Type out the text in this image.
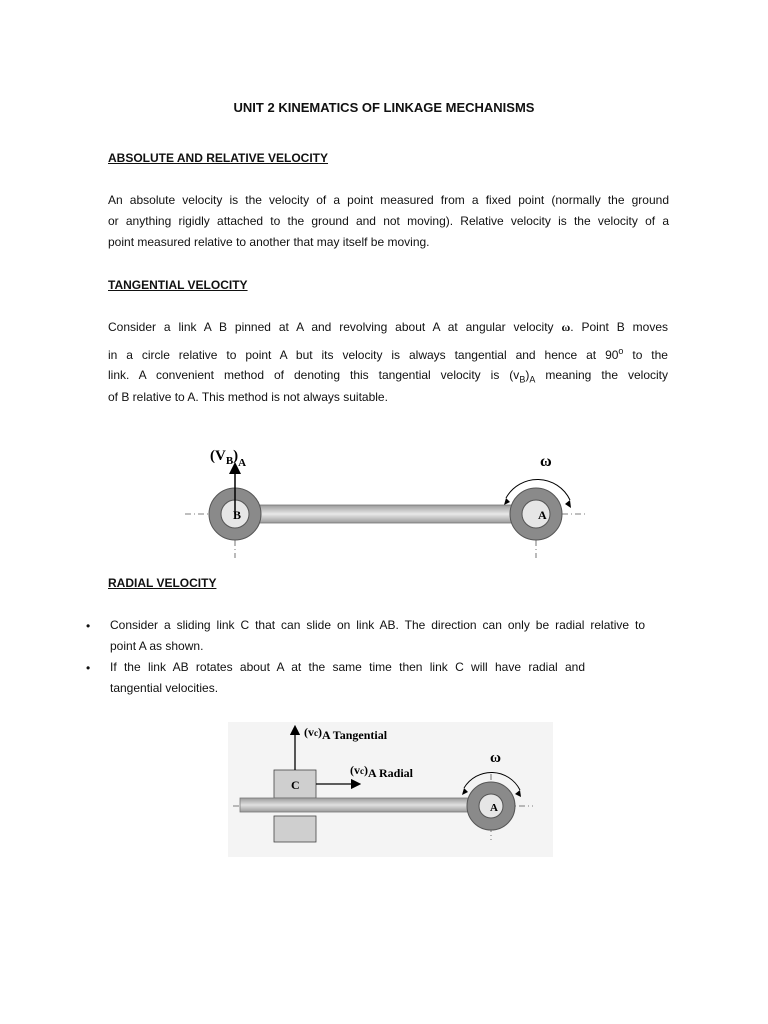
UNIT 2 KINEMATICS OF LINKAGE MECHANISMS
ABSOLUTE AND RELATIVE VELOCITY
An absolute velocity is the velocity of a point measured from a fixed point (normally the ground
or anything rigidly attached to the ground and not moving). Relative velocity is the velocity of a
point measured relative to another that may itself be moving.
TANGENTIAL VELOCITY
Consider a link A B pinned at A and revolving about A at angular velocity ω. Point B moves
in a circle relative to point A but its velocity is always tangential and hence at 90$^o$ to the
link. A convenient method of denoting this tangential velocity is $(v_B)_A$ meaning the velocity
of B relative to A. This method is not always suitable.
$(V_B)_A$	ω
B	A
RADIAL VELOCITY
• Consider a sliding link C that can slide on link AB. The direction can only be radial relative to
point A as shown.
• If the link AB rotates about A at the same time then link C will have radial and
tangential velocities.
(vc)A Tangential
(vc)A Radial
C
ω
A
